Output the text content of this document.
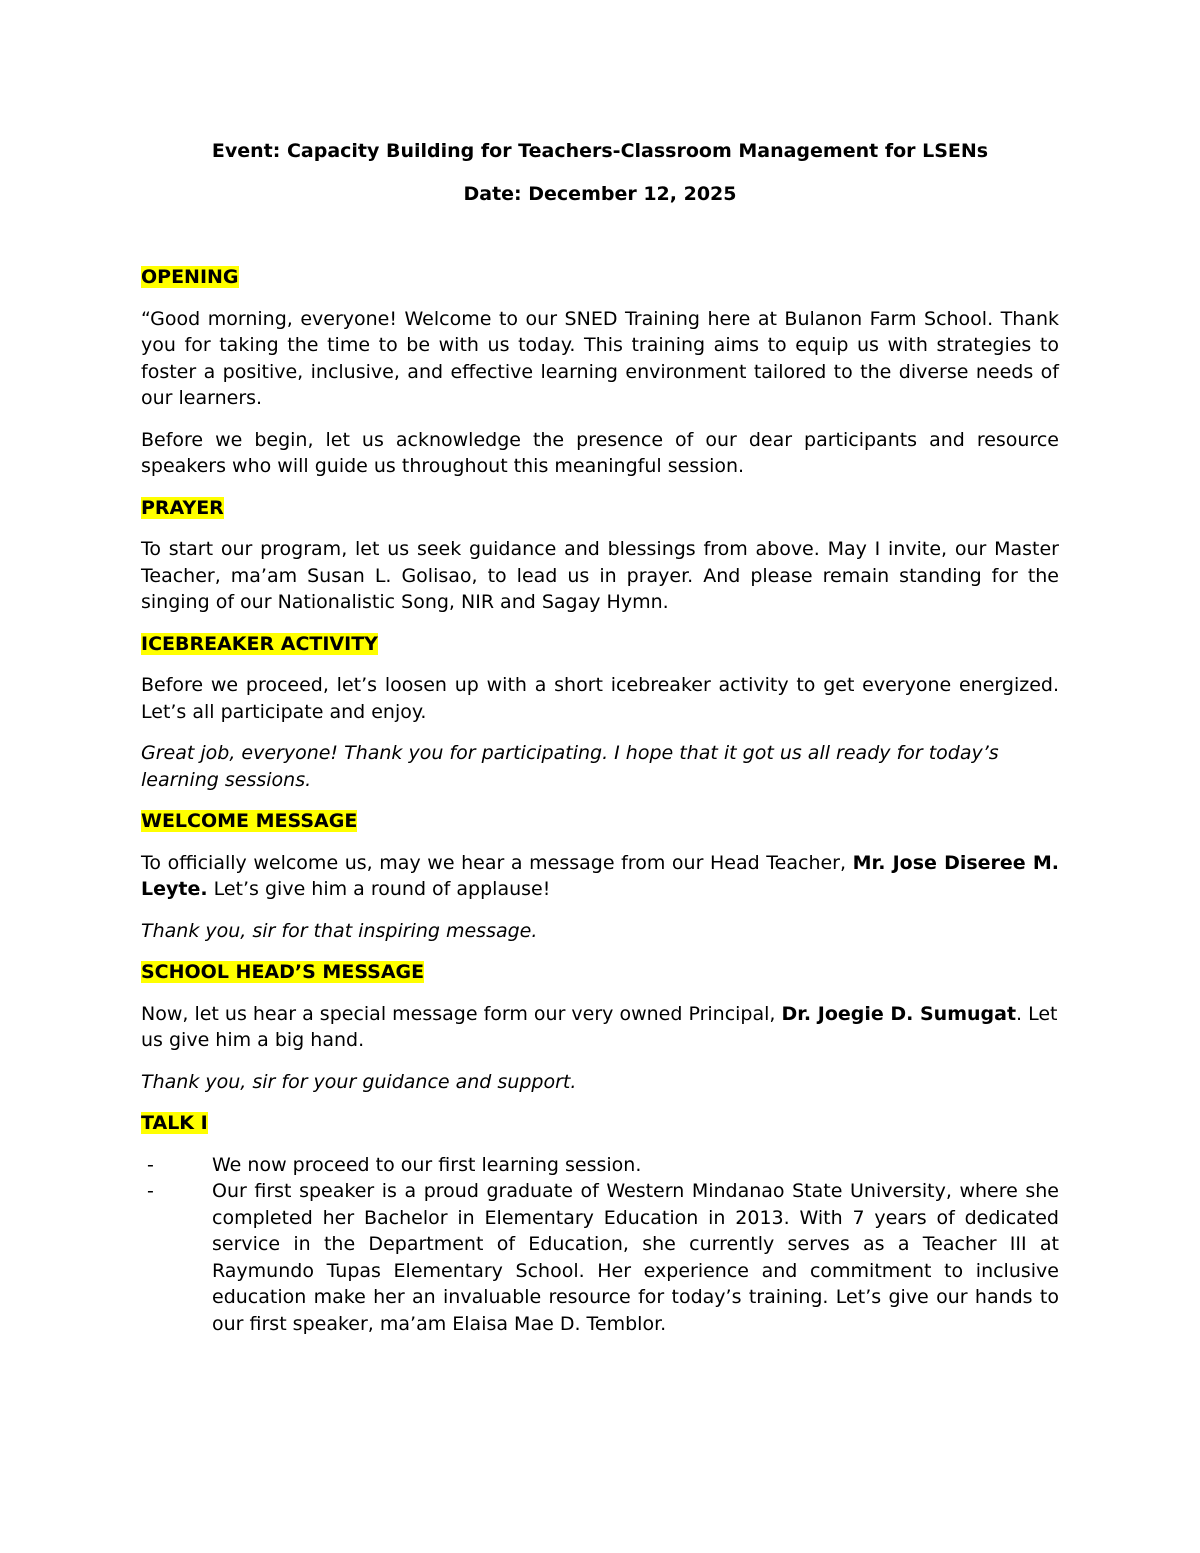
Event: Capacity Building for Teachers-Classroom Management for LSENs

Date: December 12, 2025

OPENING

“Good morning, everyone! Welcome to our SNED Training here at Bulanon Farm School. Thank you for taking the time to be with us today. This training aims to equip us with strategies to foster a positive, inclusive, and effective learning environment tailored to the diverse needs of our learners.

Before we begin, let us acknowledge the presence of our dear participants and resource speakers who will guide us throughout this meaningful session.

PRAYER

To start our program, let us seek guidance and blessings from above. May I invite, our Master Teacher, ma’am Susan L. Golisao, to lead us in prayer. And please remain standing for the singing of our Nationalistic Song, NIR and Sagay Hymn.

ICEBREAKER ACTIVITY

Before we proceed, let’s loosen up with a short icebreaker activity to get everyone energized. Let’s all participate and enjoy.

Great job, everyone! Thank you for participating. I hope that it got us all ready for today’s learning sessions.

WELCOME MESSAGE

To officially welcome us, may we hear a message from our Head Teacher, Mr. Jose Diseree M. Leyte. Let’s give him a round of applause!

Thank you, sir for that inspiring message.

SCHOOL HEAD’S MESSAGE

Now, let us hear a special message form our very owned Principal, Dr. Joegie D. Sumugat. Let us give him a big hand.

Thank you, sir for your guidance and support.

TALK I

-	We now proceed to our first learning session.
-	Our first speaker is a proud graduate of Western Mindanao State University, where she completed her Bachelor in Elementary Education in 2013. With 7 years of dedicated service in the Department of Education, she currently serves as a Teacher III at Raymundo Tupas Elementary School. Her experience and commitment to inclusive education make her an invaluable resource for today’s training. Let’s give our hands to our first speaker, ma’am Elaisa Mae D. Temblor.
